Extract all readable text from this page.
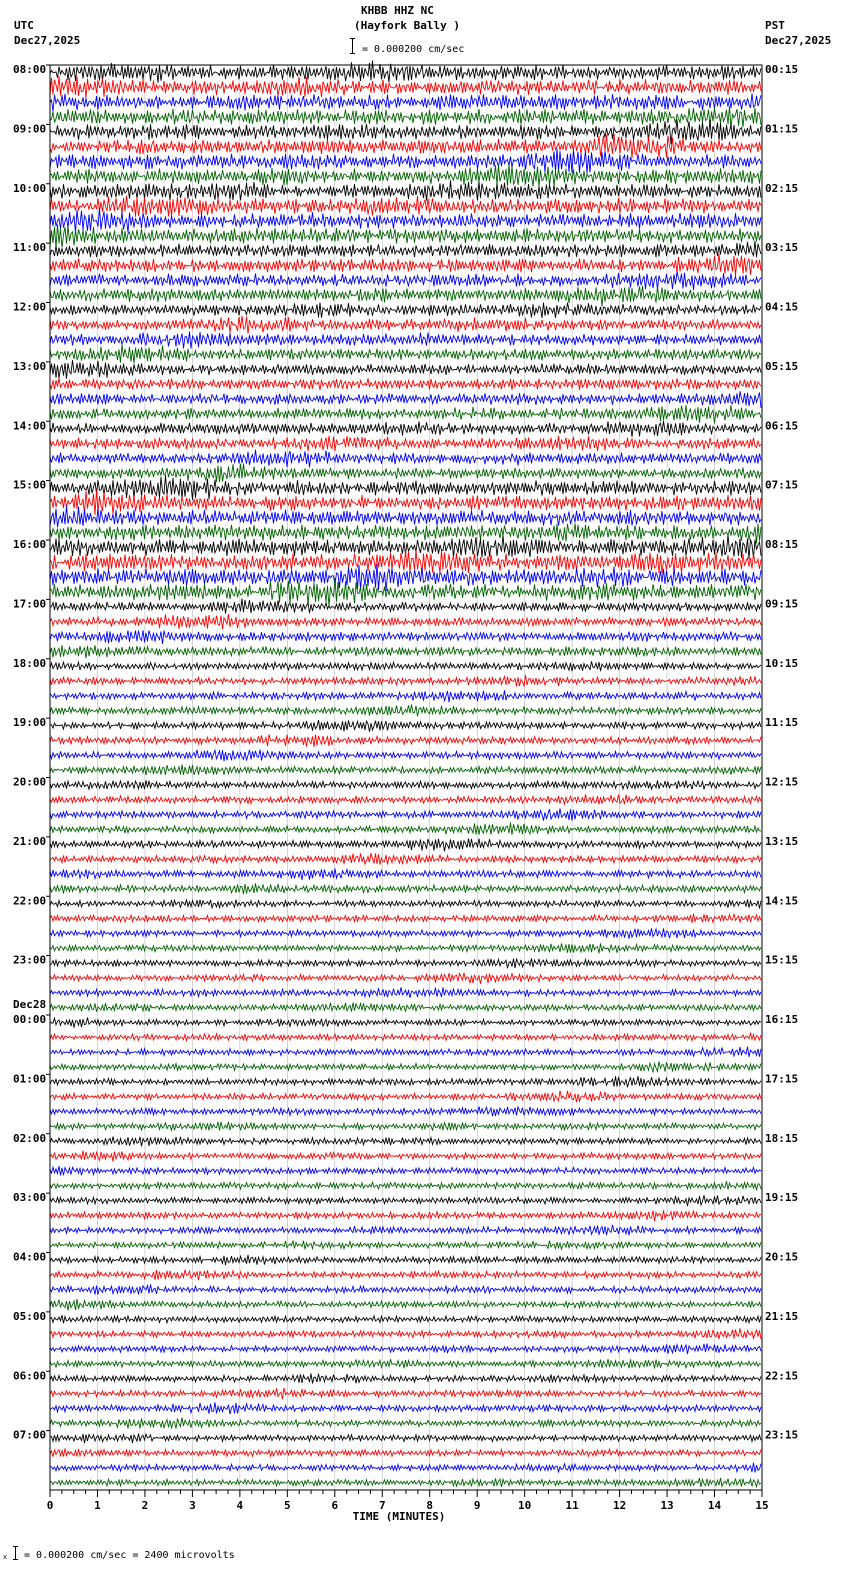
UTC
Dec27,2025
KHBB HHZ NC
(Hayfork Bally )
= 0.000200 cm/sec
PST
Dec27,2025
08:00	00:15
09:00	01:15
10:00	02:15
11:00	03:15
12:00	04:15
13:00	05:15
14:00	06:15
15:00	07:15
16:00	08:15
17:00	09:15
18:00	10:15
19:00	11:15
20:00	12:15
21:00	13:15
22:00	14:15
23:00	15:15
00:00	16:15
01:00	17:15
02:00	18:15
03:00	19:15
04:00	20:15
05:00	21:15
06:00	22:15
07:00	23:15
Dec28
0	1	2	3	4	5	6	7	8	9	10	11	12	13	14	15
TIME (MINUTES)
x = 0.000200 cm/sec = 2400 microvolts
